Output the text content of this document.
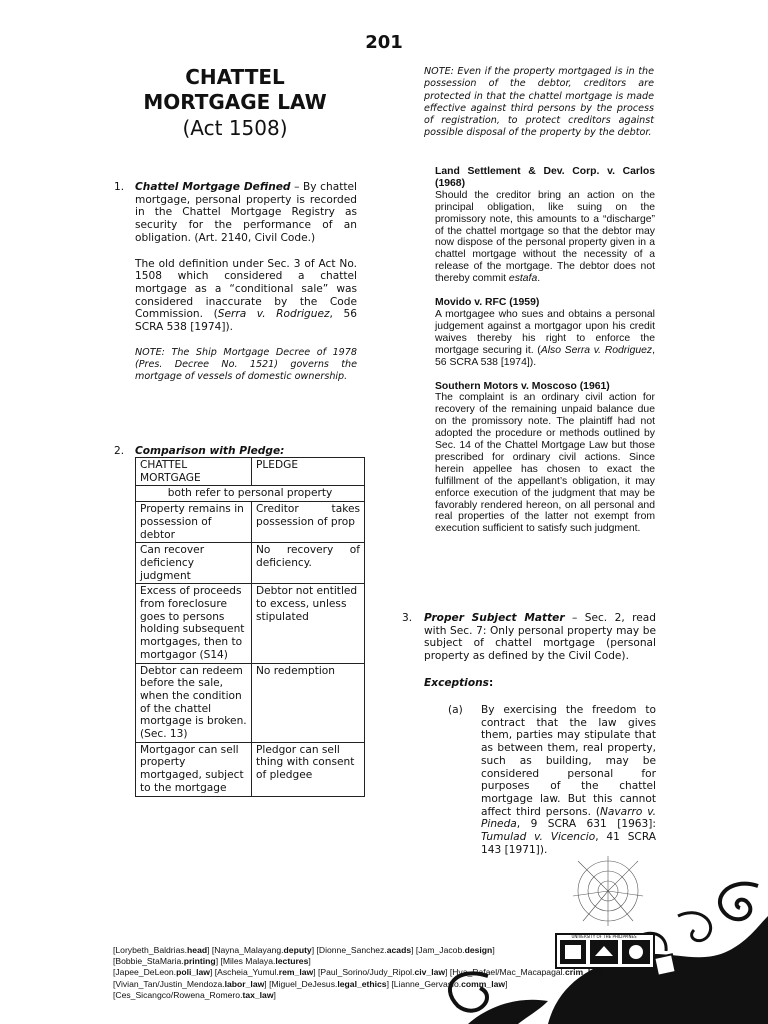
201
CHATTEL
MORTGAGE LAW
(Act 1508)
NOTE: Even if the property mortgaged is in the possession of the debtor, creditors are protected in that the chattel mortgage is made effective against third persons by the process of registration, to protect creditors against possible disposal of the property by the debtor.
1. Chattel Mortgage Defined – By chattel mortgage, personal property is recorded in the Chattel Mortgage Registry as security for the performance of an obligation. (Art. 2140, Civil Code.)

The old definition under Sec. 3 of Act No. 1508 which considered a chattel mortgage as a “conditional sale” was considered inaccurate by the Code Commission. (Serra v. Rodriguez, 56 SCRA 538 [1974]).

NOTE: The Ship Mortgage Decree of 1978 (Pres. Decree No. 1521) governs the mortgage of vessels of domestic ownership.

2. Comparison with Pledge:
CHATTEL MORTGAGE	PLEDGE
both refer to personal property	
Property remains in possession of debtor	Creditor takes possession of prop
Can recover deficiency judgment	No recovery of deficiency.
Excess of proceeds from foreclosure goes to persons holding subsequent mortgages, then to mortgagor (S14)	Debtor not entitled to excess, unless stipulated
Debtor can redeem before the sale, when the condition of the chattel mortgage is broken. (Sec. 13)	No redemption
Mortgagor can sell property mortgaged, subject to the mortgage	Pledgor can sell thing with consent of pledgee
Land Settlement & Dev. Corp. v. Carlos (1968)
Should the creditor bring an action on the principal obligation, like suing on the promissory note, this amounts to a “discharge” of the chattel mortgage so that the debtor may now dispose of the personal property given in a chattel mortgage without the necessity of a release of the mortgage. The debtor does not thereby commit estafa.
Movido v. RFC (1959)
A mortgagee who sues and obtains a personal judgement against a mortgagor upon his credit waives thereby his right to enforce the mortgage securing it. (Also Serra v. Rodriguez, 56 SCRA 538 [1974]).
Southern Motors v. Moscoso (1961)
The complaint is an ordinary civil action for recovery of the remaining unpaid balance due on the promissory note. The plaintiff had not adopted the procedure or methods outlined by Sec. 14 of the Chattel Mortgage Law but those prescribed for ordinary civil actions. Since herein appellee has chosen to exact the fulfillment of the appellant’s obligation, it may enforce execution of the judgment that may be favorably rendered hereon, on all personal and real properties of the latter not exempt from execution sufficient to satisfy such judgment.
3. Proper Subject Matter – Sec. 2, read with Sec. 7: Only personal property may be subject of chattel mortgage (personal property as defined by the Civil Code).

Exceptions:

(a) By exercising the freedom to contract that the law gives them, parties may stipulate that as between them, real property, such as building, may be considered personal for purposes of the chattel mortgage law. But this cannot affect third persons. (Navarro v. Pineda, 9 SCRA 631 [1963]: Tumulad v. Vicencio, 41 SCRA 143 [1971]).

UNIVERSITY OF THE PHILIPPINES
[Lorybeth_Baldrias.head] [Nayna_Malayang.deputy] [Dionne_Sanchez.acads] [Jam_Jacob.design]
[Bobbie_StaMaria.printing] [Miles Malaya.lectures]
[Japee_DeLeon.poli_law] [Ascheia_Yumul.rem_law] [Paul_Sorino/Judy_Ripol.civ_law] [Hya_Rafael/Mac_Macapagal.crim_law]
[Vivian_Tan/Justin_Mendoza.labor_law] [Miguel_DeJesus.legal_ethics] [Lianne_Gervasio.comm_law]
[Ces_Sicangco/Rowena_Romero.tax_law]
